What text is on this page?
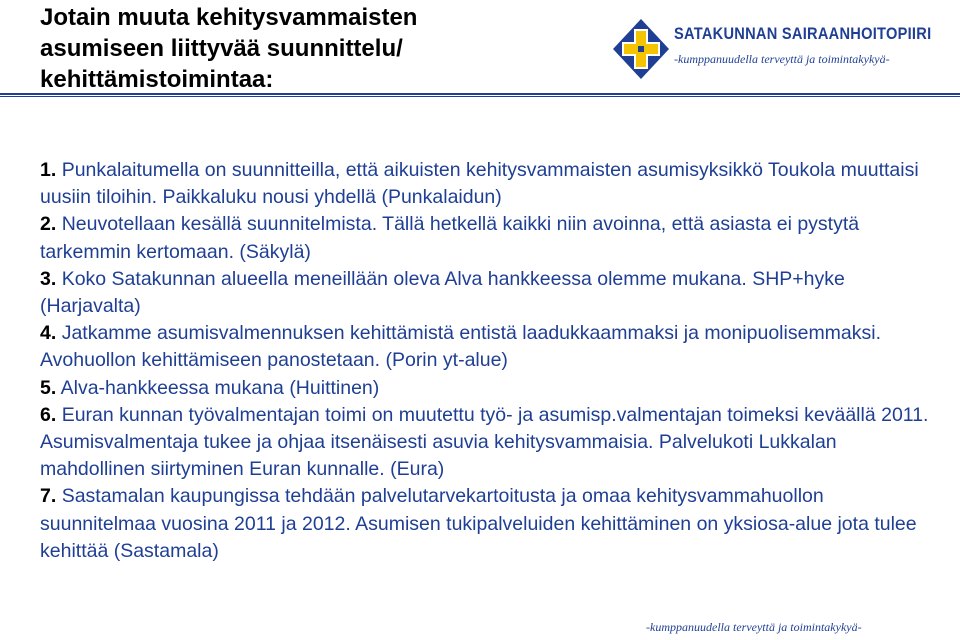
Jotain muuta kehitysvammaisten
asumiseen liittyvää suunnittelu/
kehittämistoimintaa:
SATAKUNNAN SAIRAANHOITOPIIRI
-kumppanuudella terveyttä ja toimintakykyä-

1. Punkalaitumella on suunnitteilla, että aikuisten kehitysvammaisten asumisyksikkö Toukola muuttaisi uusiin tiloihin. Paikkaluku nousi yhdellä (Punkalaidun)

2. Neuvotellaan kesällä suunnitelmista. Tällä hetkellä kaikki niin avoinna, että asiasta ei pystytä tarkemmin kertomaan. (Säkylä)

3. Koko Satakunnan alueella meneillään oleva Alva hankkeessa olemme mukana. SHP+hyke (Harjavalta)

4. Jatkamme asumisvalmennuksen kehittämistä entistä laadukkaammaksi ja monipuolisemmaksi. Avohuollon kehittämiseen panostetaan. (Porin yt-alue)

5. Alva-hankkeessa mukana (Huittinen)

6. Euran kunnan työvalmentajan toimi on muutettu työ- ja asumisp.valmentajan toimeksi keväällä 2011. Asumisvalmentaja tukee ja ohjaa itsenäisesti asuvia kehitysvammaisia. Palvelukoti Lukkalan mahdollinen siirtyminen Euran kunnalle. (Eura)

7. Sastamalan kaupungissa tehdään palvelutarvekartoitusta ja omaa kehitysvammahuollon suunnitelmaa vuosina 2011 ja 2012. Asumisen tukipalveluiden kehittäminen on yksiosa-alue jota tulee kehittää (Sastamala)

-kumppanuudella terveyttä ja toimintakykyä-
